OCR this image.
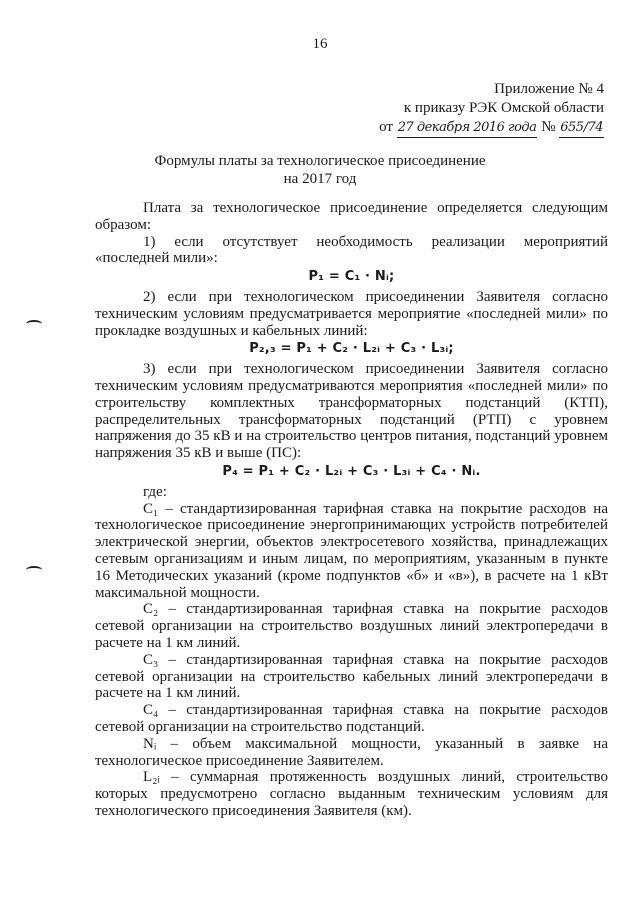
16
Приложение № 4
к приказу РЭК Омской области
от 27 декабря 2016 года № 655/74
Формулы платы за технологическое присоединение
на 2017 год

Плата за технологическое присоединение определяется следующим образом:

1) если отсутствует необходимость реализации мероприятий «последней мили»:

P₁ = C₁ · Nᵢ;

2) если при технологическом присоединении Заявителя согласно техническим условиям предусматривается мероприятие «последней мили» по прокладке воздушных и кабельных линий:

P₂,₃ = P₁ + C₂ · L₂ᵢ + C₃ · L₃ᵢ;

3) если при технологическом присоединении Заявителя согласно техническим условиям предусматриваются мероприятия «последней мили» по строительству комплектных трансформаторных подстанций (КТП), распределительных трансформаторных подстанций (РТП) с уровнем напряжения до 35 кВ и на строительство центров питания, подстанций уровнем напряжения 35 кВ и выше (ПС):

P₄ = P₁ + C₂ · L₂ᵢ + C₃ · L₃ᵢ + C₄ · Nᵢ.

где:

C₁ – стандартизированная тарифная ставка на покрытие расходов на технологическое присоединение энергопринимающих устройств потребителей электрической энергии, объектов электросетевого хозяйства, принадлежащих сетевым организациям и иным лицам, по мероприятиям, указанным в пункте 16 Методических указаний (кроме подпунктов «б» и «в»), в расчете на 1 кВт максимальной мощности.

C₂ – стандартизированная тарифная ставка на покрытие расходов сетевой организации на строительство воздушных линий электропередачи в расчете на 1 км линий.

C₃ – стандартизированная тарифная ставка на покрытие расходов сетевой организации на строительство кабельных линий электропередачи в расчете на 1 км линий.

C₄ – стандартизированная тарифная ставка на покрытие расходов сетевой организации на строительство подстанций.

Nᵢ – объем максимальной мощности, указанный в заявке на технологическое присоединение Заявителем.

L₂ᵢ – суммарная протяженность воздушных линий, строительство которых предусмотрено согласно выданным техническим условиям для технологического присоединения Заявителя (км).
